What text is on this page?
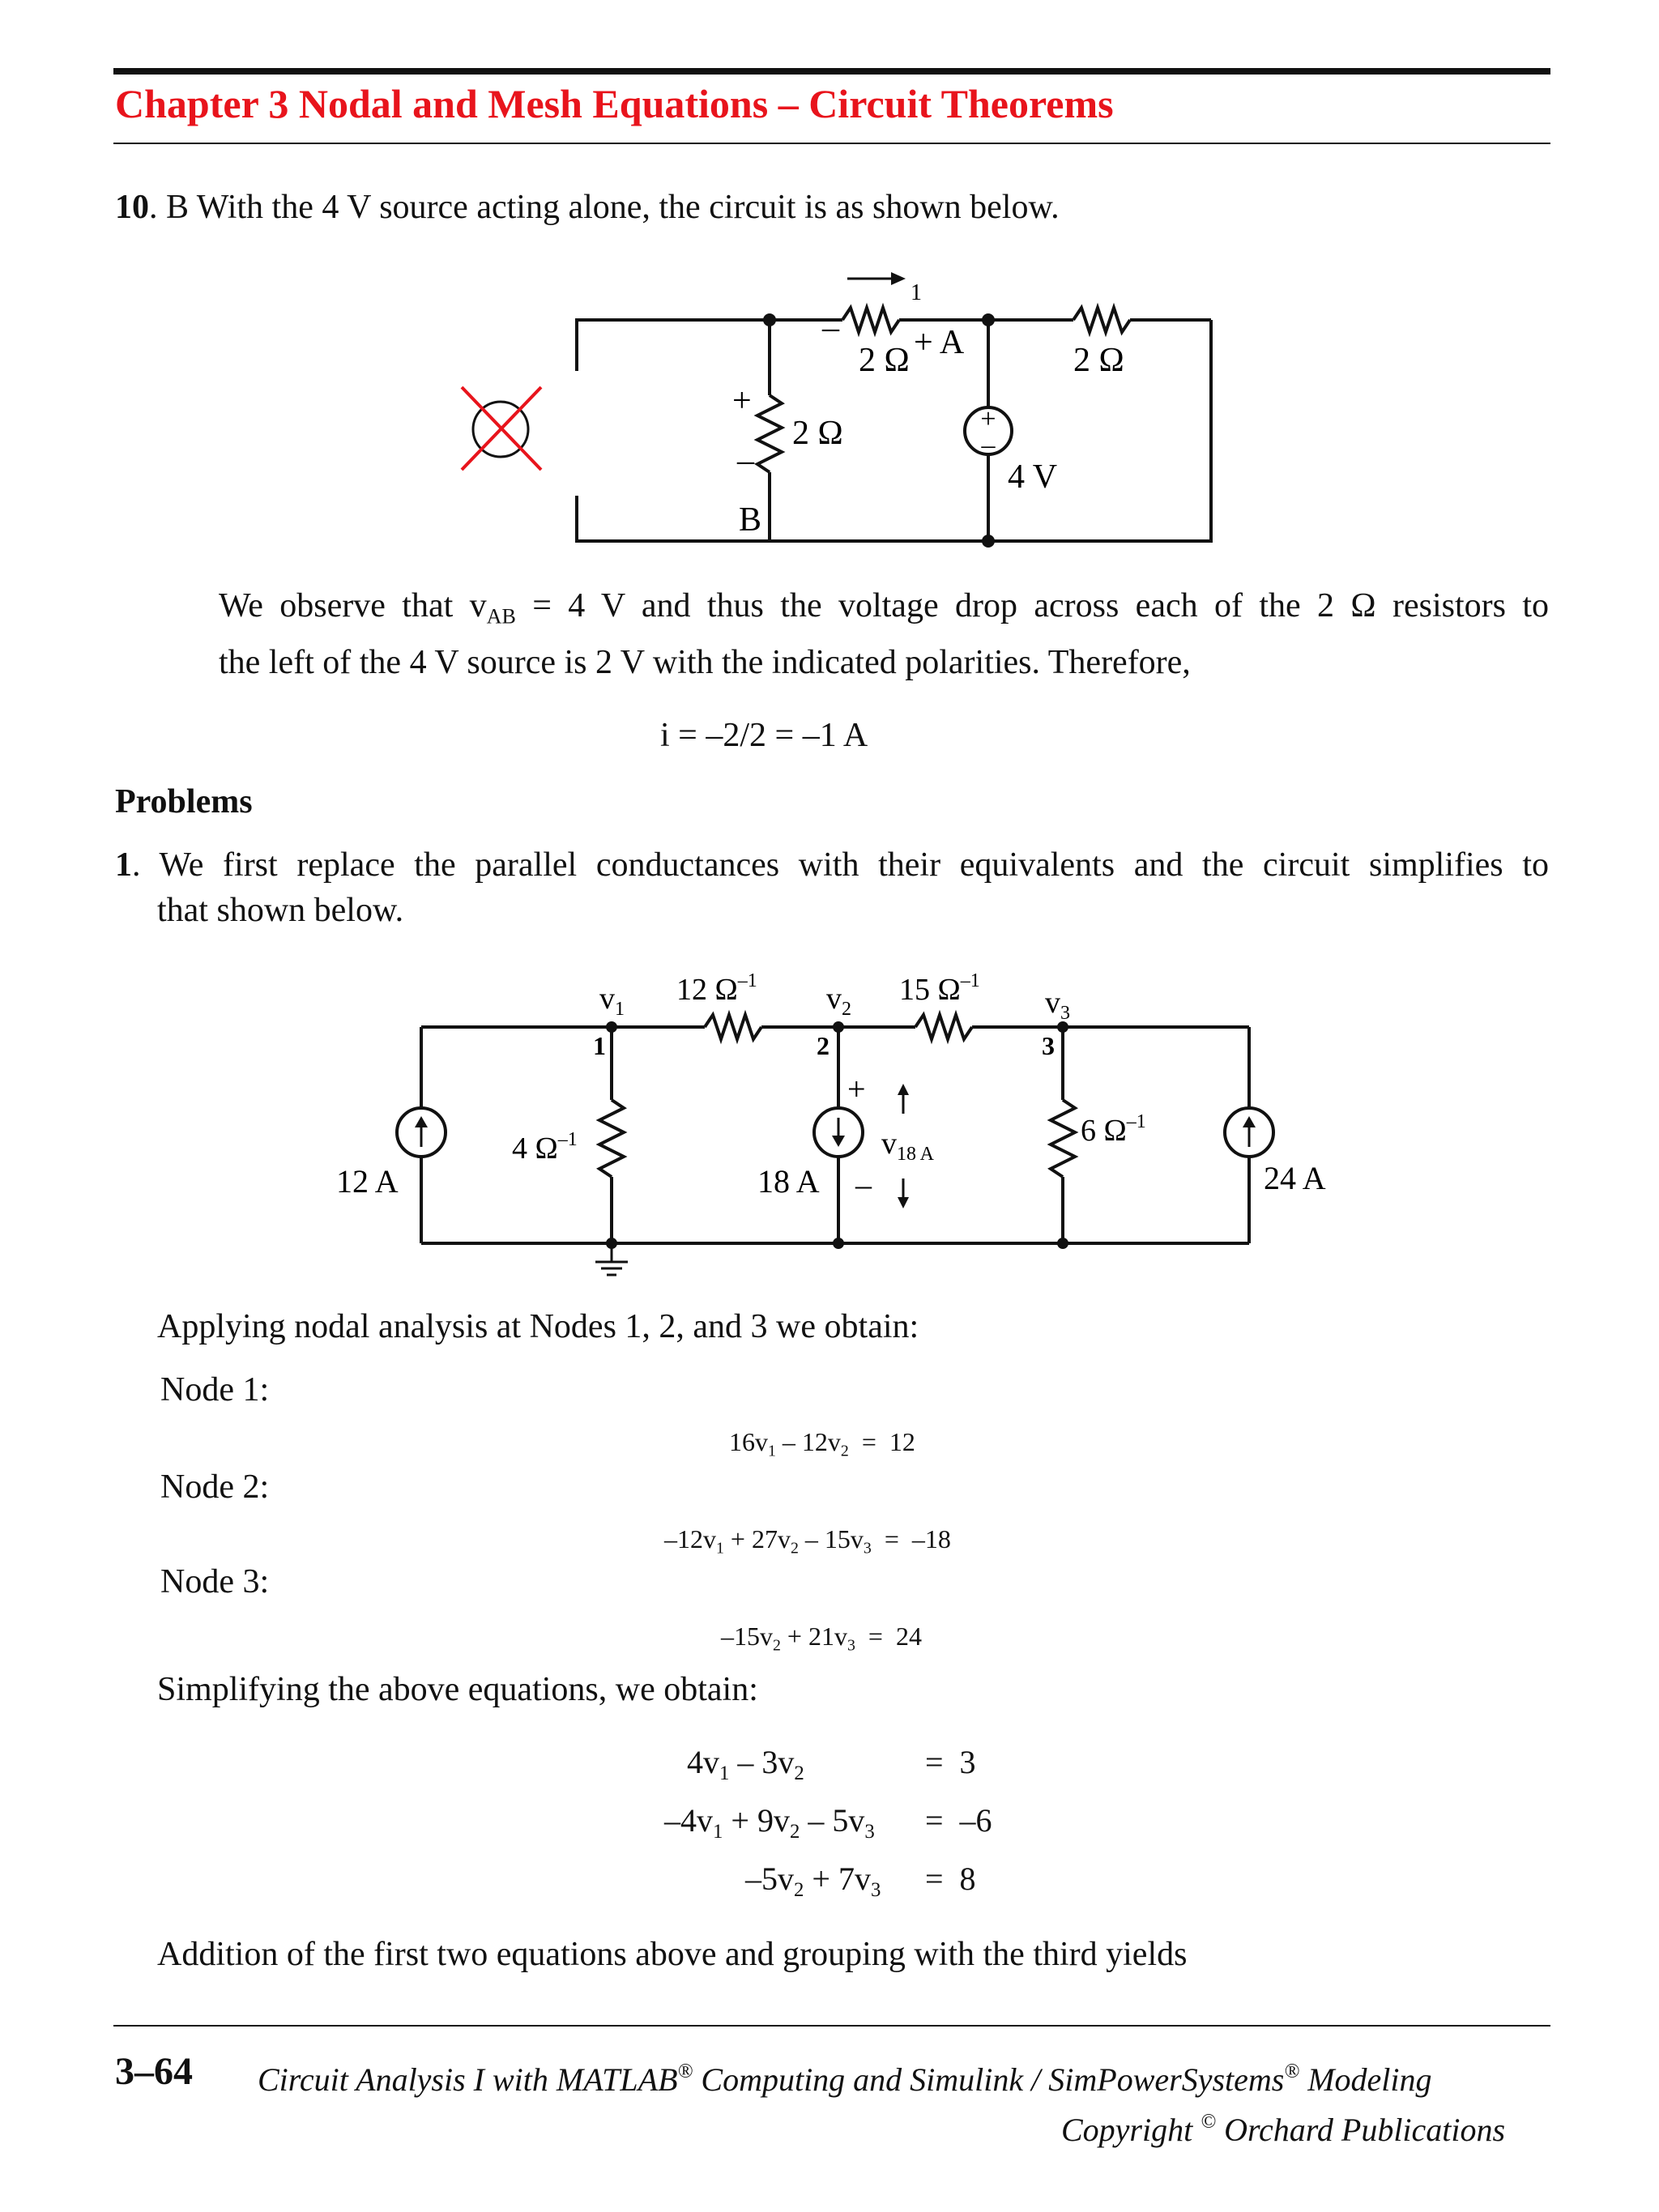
Chapter 3 Nodal and Mesh Equations – Circuit Theorems
10. B With the 4 V source acting alone, the circuit is as shown below.
+
–
1
–
2 Ω + A	2 Ω
+
–
2 Ω
B
4 V
We observe that $v_{AB} = 4$ V and thus the voltage drop across each of the 2 Ω resistors to
the left of the 4 V source is 2 V with the indicated polarities. Therefore,
i = –2/2 = –1 A
Problems
1. We first replace the parallel conductances with their equivalents and the circuit simplifies to
that shown below.
$v_1$	$v_2$	$v_3$
12 $\Omega^{-1}$	15 $\Omega^{-1}$
4 $\Omega^{-1}$	6 $\Omega^{-1}$
1	2	3
12 A	18 A	24 A
+
–
$v_{18 A}$
Applying nodal analysis at Nodes 1, 2, and 3 we obtain:
Node 1:
$16v_1 - 12v_2 = 12$
Node 2:
$-12v_1 + 27v_2 - 15v_3 = -18$
Node 3:
$-15v_2 + 21v_3 = 24$
Simplifying the above equations, we obtain:
$4v_1 - 3v_2$	=  3
$-4v_1 + 9v_2 - 5v_3 = -6$
$-5v_2 + 7v_3 = 8$
Addition of the first two equations above and grouping with the third yields
3–64 Circuit Analysis I with MATLAB® Computing and Simulink / SimPowerSystems® Modeling
Copyright © Orchard Publications
